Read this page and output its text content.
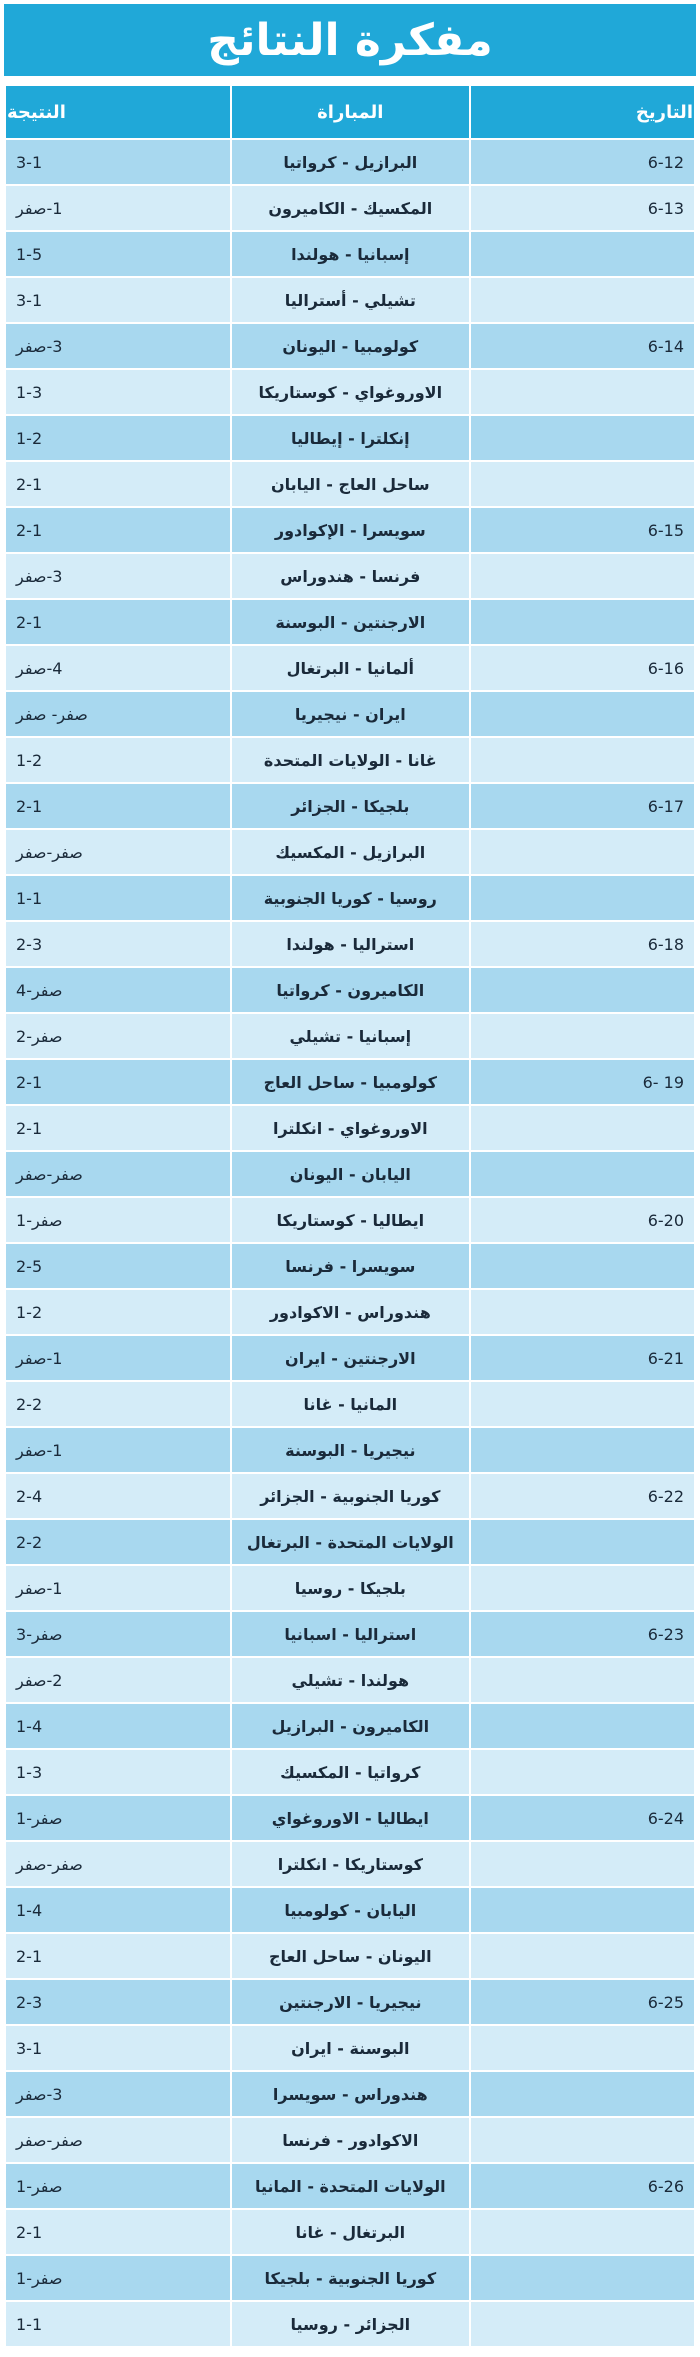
مفكرة النتائج
التاريخ	المباراة	النتيجة
6-12	البرازيل - كرواتيا	3-1
6-13	المكسيك - الكاميرون	1-صفر
	إسبانيا - هولندا	1-5
	تشيلي - أستراليا	3-1
6-14	كولومبيا - اليونان	3-صفر
	الاوروغواي - كوستاريكا	1-3
	إنكلترا - إيطاليا	1-2
	ساحل العاج - اليابان	2-1
6-15	سويسرا - الإكوادور	2-1
	فرنسا - هندوراس	3-صفر
	الارجنتين - البوسنة	2-1
6-16	ألمانيا - البرتغال	4-صفر
	ايران - نيجيريا	صفر- صفر
	غانا - الولايات المتحدة	1-2
6-17	بلجيكا - الجزائر	2-1
	البرازيل - المكسيك	صفر-صفر
	روسيا - كوريا الجنوبية	1-1
6-18	استراليا - هولندا	2-3
	الكاميرون - كرواتيا	صفر-4
	إسبانيا - تشيلي	صفر-2
6- 19	كولومبيا - ساحل العاج	2-1
	الاوروغواي - انكلترا	2-1
	اليابان - اليونان	صفر-صفر
6-20	ايطاليا - كوستاريكا	صفر-1
	سويسرا - فرنسا	2-5
	هندوراس - الاكوادور	1-2
6-21	الارجنتين - ايران	1-صفر
	المانيا - غانا	2-2
	نيجيريا - البوسنة	1-صفر
6-22	كوريا الجنوبية - الجزائر	2-4
	الولايات المتحدة - البرتغال	2-2
	بلجيكا - روسيا	1-صفر
6-23	استراليا - اسبانيا	صفر-3
	هولندا - تشيلي	2-صفر
	الكاميرون - البرازيل	1-4
	كرواتيا - المكسيك	1-3
6-24	ايطاليا - الاوروغواي	صفر-1
	كوستاريكا - انكلترا	صفر-صفر
	اليابان - كولومبيا	1-4
	اليونان - ساحل العاج	2-1
6-25	نيجيريا - الارجنتين	2-3
	البوسنة - ايران	3-1
	هندوراس - سويسرا	3-صفر
	الاكوادور - فرنسا	صفر-صفر
6-26	الولايات المتحدة - المانيا	صفر-1
	البرتغال - غانا	2-1
	كوريا الجنوبية - بلجيكا	صفر-1
	الجزائر - روسيا	1-1
